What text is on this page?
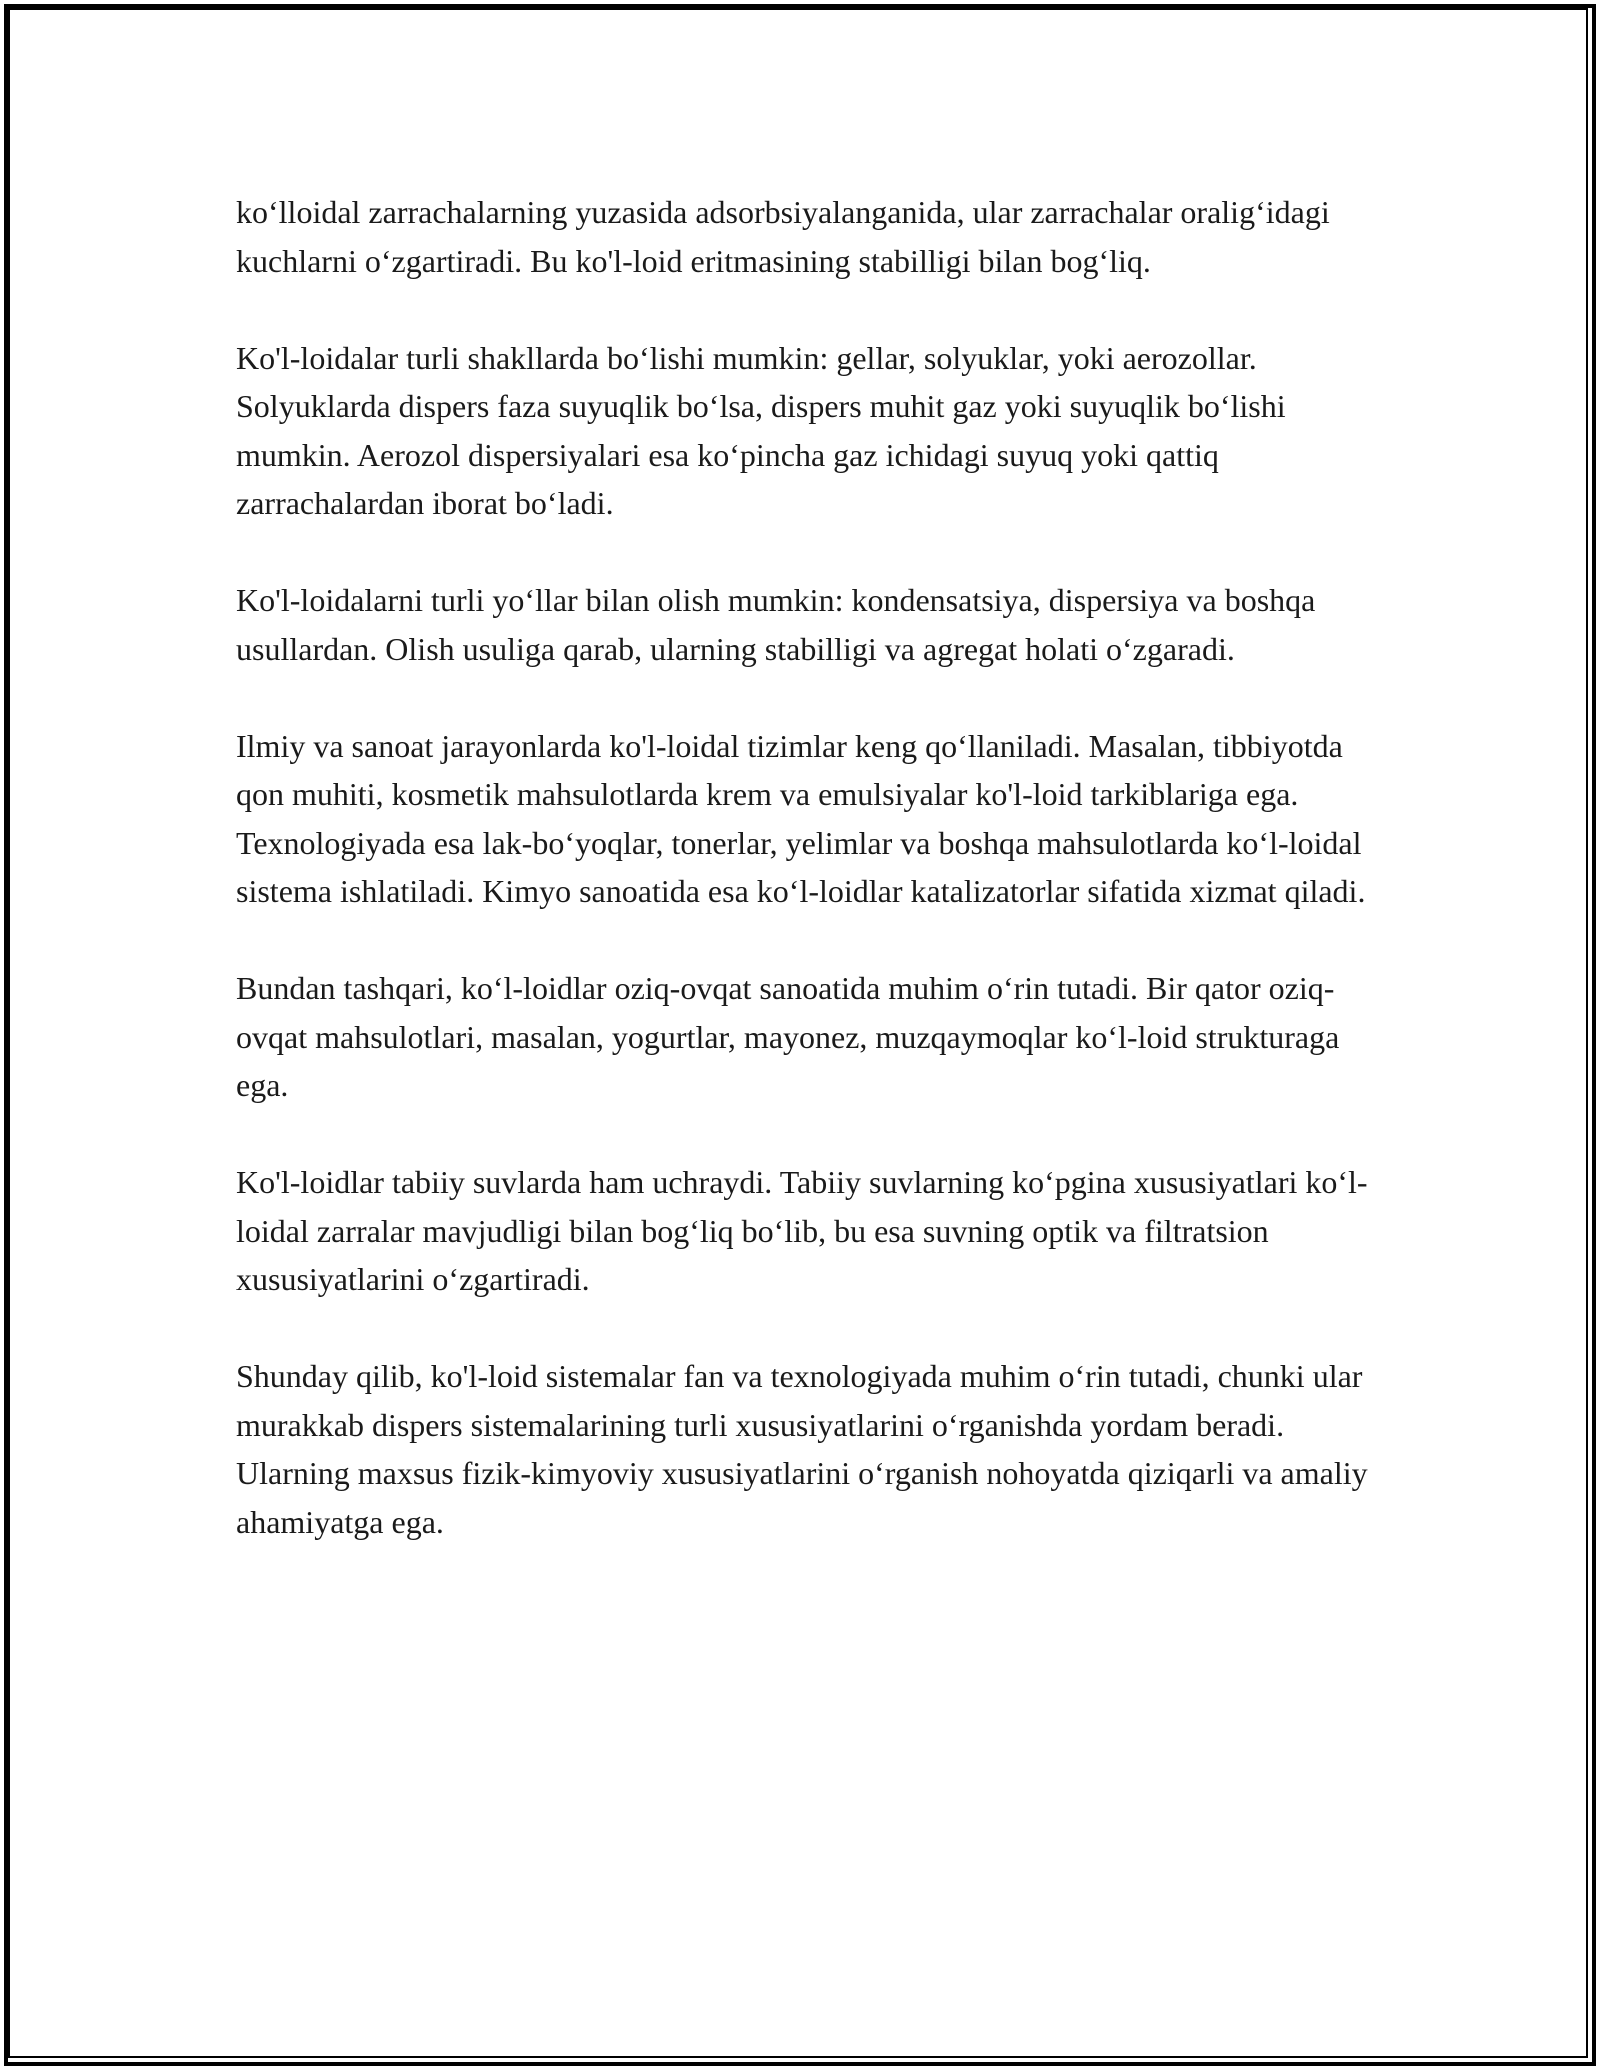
ko‘lloidal zarrachalarning yuzasida adsorbsiyalanganida, ular zarrachalar oralig‘idagi kuchlarni o‘zgartiradi. Bu ko'l-loid eritmasining stabilligi bilan bog‘liq.

Ko'l-loidalar turli shakllarda bo‘lishi mumkin: gellar, solyuklar, yoki aerozollar. Solyuklarda dispers faza suyuqlik bo‘lsa, dispers muhit gaz yoki suyuqlik bo‘lishi mumkin. Aerozol dispersiyalari esa ko‘pincha gaz ichidagi suyuq yoki qattiq zarrachalardan iborat bo‘ladi.

Ko'l-loidalarni turli yo‘llar bilan olish mumkin: kondensatsiya, dispersiya va boshqa usullardan. Olish usuliga qarab, ularning stabilligi va agregat holati o‘zgaradi.

Ilmiy va sanoat jarayonlarda ko'l-loidal tizimlar keng qo‘llaniladi. Masalan, tibbiyotda qon muhiti, kosmetik mahsulotlarda krem va emulsiyalar ko'l-loid tarkiblariga ega. Texnologiyada esa lak-bo‘yoqlar, tonerlar, yelimlar va boshqa mahsulotlarda ko‘l-loidal sistema ishlatiladi. Kimyo sanoatida esa ko‘l-loidlar katalizatorlar sifatida xizmat qiladi.

Bundan tashqari, ko‘l-loidlar oziq-ovqat sanoatida muhim o‘rin tutadi. Bir qator oziq-ovqat mahsulotlari, masalan, yogurtlar, mayonez, muzqaymoqlar ko‘l-loid strukturaga ega.

Ko'l-loidlar tabiiy suvlarda ham uchraydi. Tabiiy suvlarning ko‘pgina xususiyatlari ko‘l-loidal zarralar mavjudligi bilan bog‘liq bo‘lib, bu esa suvning optik va filtratsion xususiyatlarini o‘zgartiradi.

Shunday qilib, ko'l-loid sistemalar fan va texnologiyada muhim o‘rin tutadi, chunki ular murakkab dispers sistemalarining turli xususiyatlarini o‘rganishda yordam beradi. Ularning maxsus fizik-kimyoviy xususiyatlarini o‘rganish nohoyatda qiziqarli va amaliy ahamiyatga ega.
